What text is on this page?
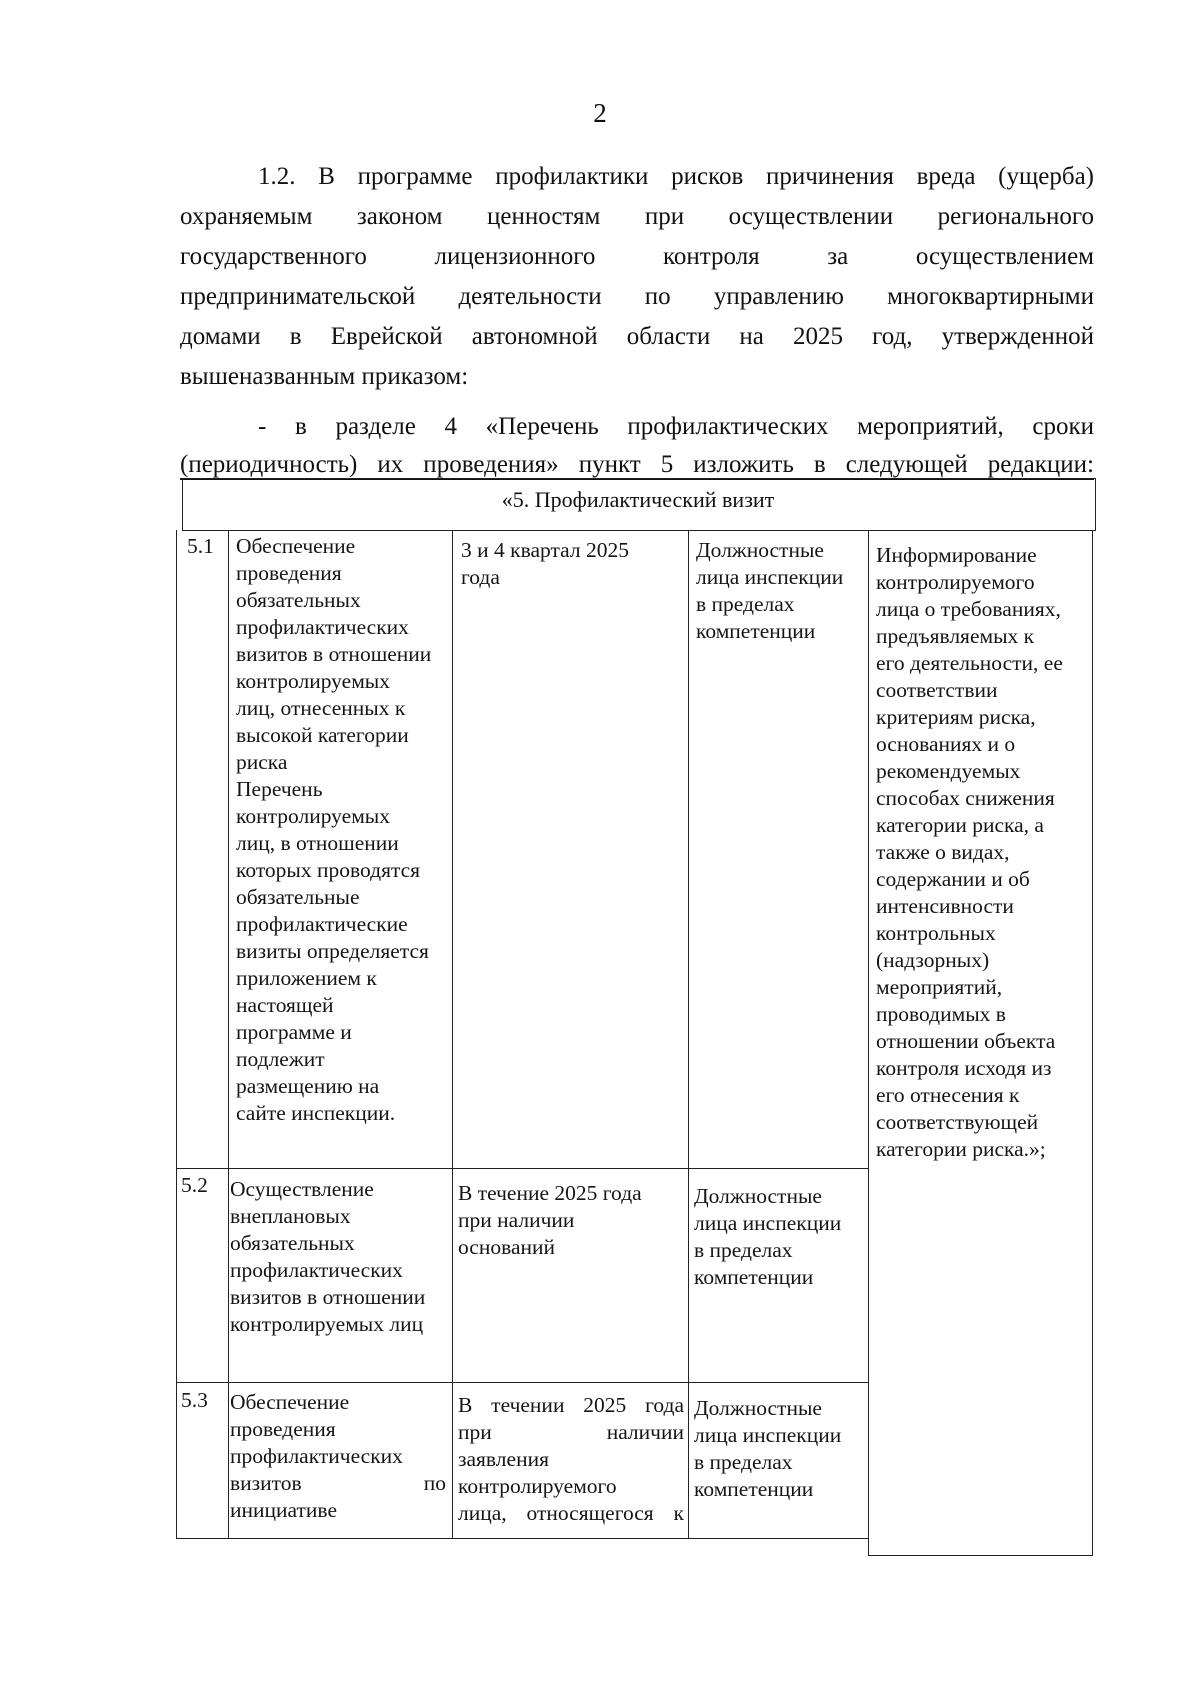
2
1.2. В программе профилактики рисков причинения вреда (ущерба)
охраняемым законом ценностям при осуществлении регионального
государственного лицензионного контроля за осуществлением
предпринимательской деятельности по управлению многоквартирными
домами в Еврейской автономной области на 2025 год, утвержденной
вышеназванным приказом:
- в разделе 4 «Перечень профилактических мероприятий, сроки
(периодичность) их проведения» пункт 5 изложить в следующей редакции:
«5. Профилактический визит
5.1 Обеспечение
проведения
обязательных
профилактических
визитов в отношении
контролируемых
лиц, отнесенных к
высокой категории
риска
Перечень
контролируемых
лиц, в отношении
которых проводятся
обязательные
профилактические
визиты определяется
приложением к
настоящей
программе и
подлежит
размещению на
сайте инспекции.
3 и 4 квартал 2025
года
Должностные
лица инспекции
в пределах
компетенции
Информирование
контролируемого
лица о требованиях,
предъявляемых к
его деятельности, ее
соответствии
критериям риска,
основаниях и о
рекомендуемых
способах снижения
категории риска, а
также о видах,
содержании и об
интенсивности
контрольных
(надзорных)
мероприятий,
проводимых в
отношении объекта
контроля исходя из
его отнесения к
соответствующей
категории риска.»;
5.2 Осуществление
внеплановых
обязательных
профилактических
визитов в отношении
контролируемых лиц
В течение 2025 года
при наличии
оснований
Должностные
лица инспекции
в пределах
компетенции
5.3 Обеспечение
проведения
профилактических
визитов по
инициативе
В течении 2025 года
при наличии
заявления
контролируемого
лица, относящегося к
Должностные
лица инспекции
в пределах
компетенции
